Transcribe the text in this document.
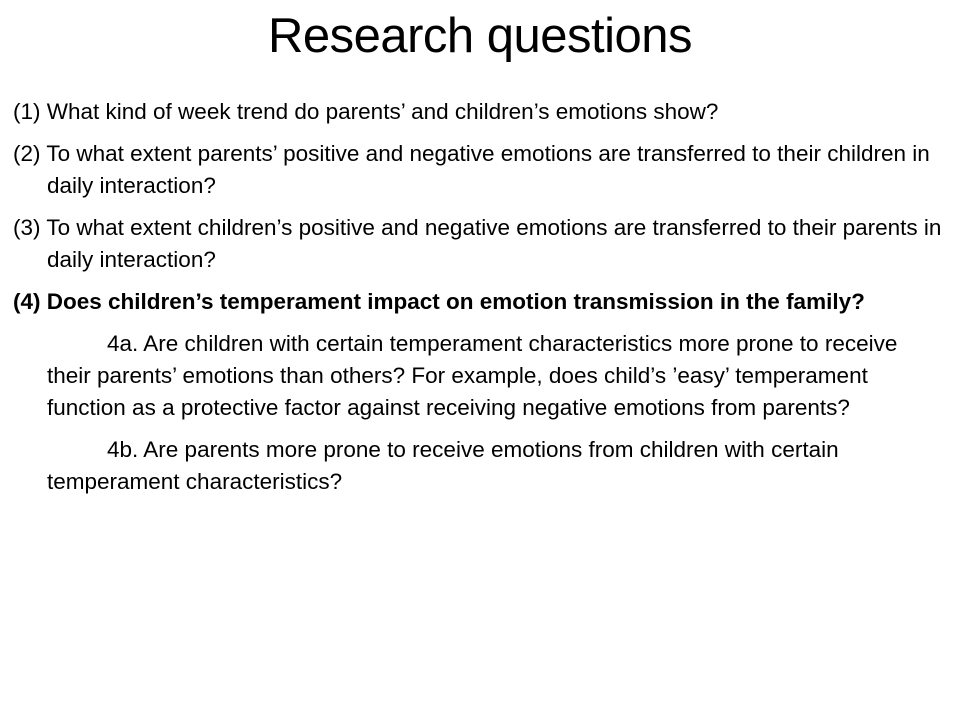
Research questions

(1) What kind of week trend do parents’ and children’s emotions show?

(2) To what extent parents’ positive and negative emotions are transferred to their children in daily interaction?

(3) To what extent children’s positive and negative emotions are transferred to their parents in daily interaction?

(4) Does children’s temperament impact on emotion transmission in the family?

4a. Are children with certain temperament characteristics more prone to receive their parents’ emotions than others? For example, does child’s ’easy’ temperament function as a protective factor against receiving negative emotions from parents?

4b. Are parents more prone to receive emotions from children with certain temperament characteristics?
